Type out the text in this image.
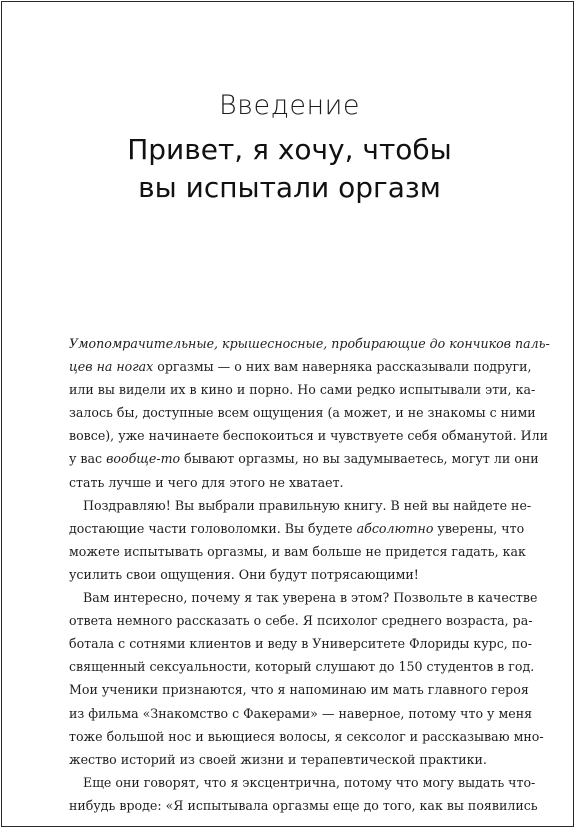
Введение
Привет, я хочу, чтобы
вы испытали оргазм
Умопомрачительные, крышесносные, пробирающие до кончиков паль-
цев на ногах оргазмы — о них вам наверняка рассказывали подруги,
или вы видели их в кино и порно. Но сами редко испытывали эти, ка-
залось бы, доступные всем ощущения (а может, и не знакомы с ними
вовсе), уже начинаете беспокоиться и чувствуете себя обманутой. Или
у вас вообще-то бывают оргазмы, но вы задумываетесь, могут ли они
стать лучше и чего для этого не хватает.
Поздравляю! Вы выбрали правильную книгу. В ней вы найдете не-
достающие части головоломки. Вы будете абсолютно уверены, что
можете испытывать оргазмы, и вам больше не придется гадать, как
усилить свои ощущения. Они будут потрясающими!
Вам интересно, почему я так уверена в этом? Позвольте в качестве
ответа немного рассказать о себе. Я психолог среднего возраста, ра-
ботала с сотнями клиентов и веду в Университете Флориды курс, по-
священный сексуальности, который слушают до 150 студентов в год.
Мои ученики признаются, что я напоминаю им мать главного героя
из фильма «Знакомство с Факерами» — наверное, потому что у меня
тоже большой нос и вьющиеся волосы, я сексолог и рассказываю мно-
жество историй из своей жизни и терапевтической практики.
Еще они говорят, что я эксцентрична, потому что могу выдать что-
нибудь вроде: «Я испытывала оргазмы еще до того, как вы появились
